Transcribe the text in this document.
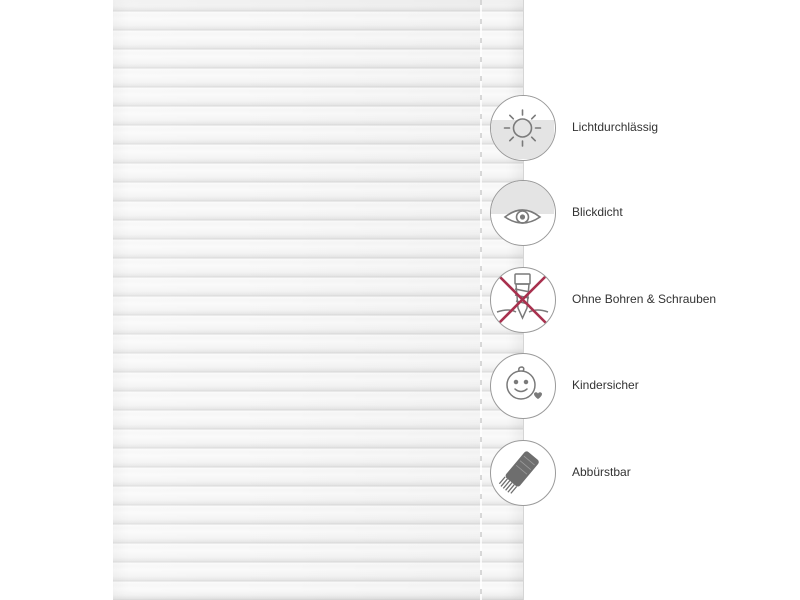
Lichtdurchlässig
Blickdicht
Ohne Bohren & Schrauben
Kindersicher
Abbürstbar
